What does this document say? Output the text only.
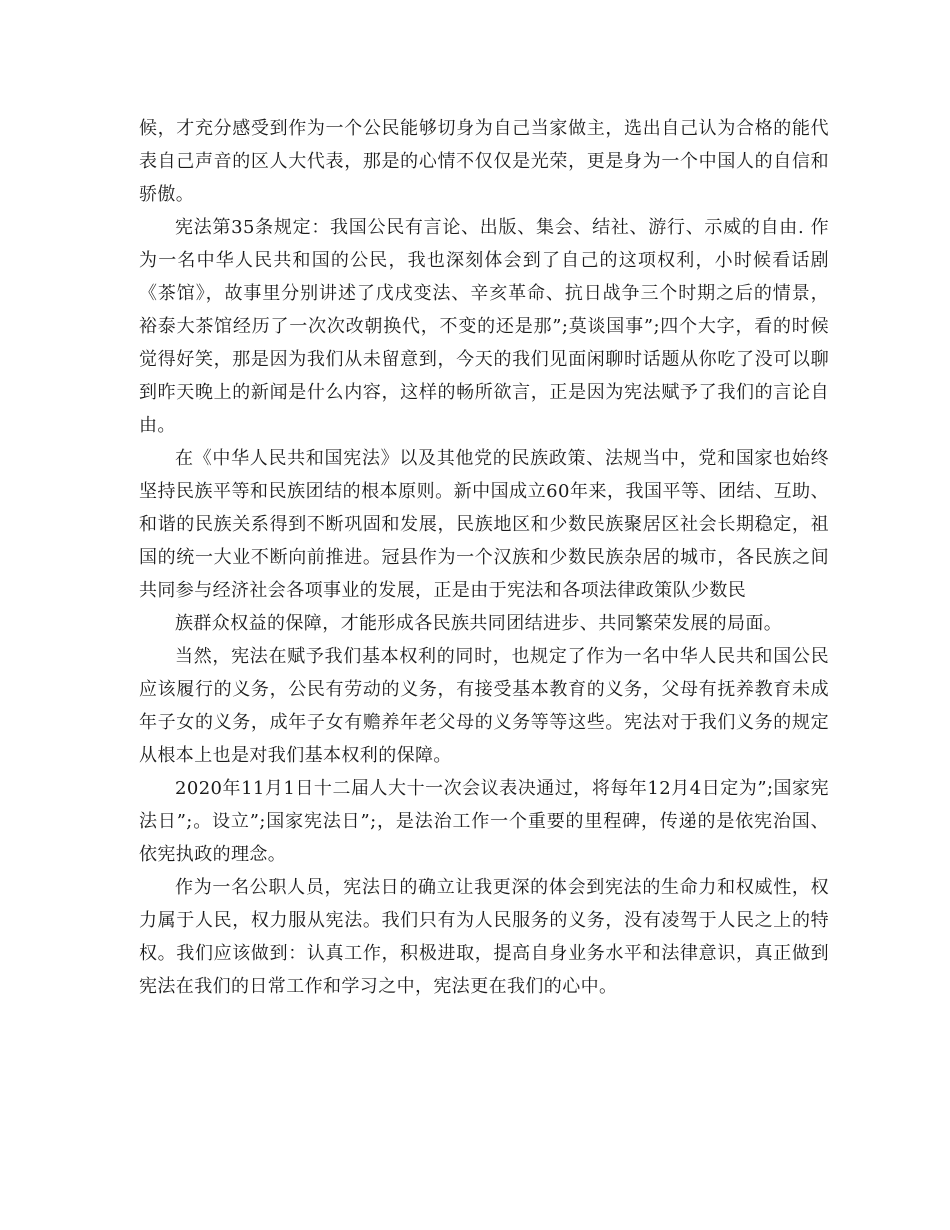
候，才充分感受到作为一个公民能够切身为自己当家做主，选出自己认为合格的能代表自己声音的区人大代表，那是的心情不仅仅是光荣，更是身为一个中国人的自信和骄傲。

宪法第35条规定：我国公民有言论、出版、集会、结社、游行、示威的自由. 作为一名中华人民共和国的公民，我也深刻体会到了自己的这项权利，小时候看话剧 《茶馆》，故事里分别讲述了戊戌变法、辛亥革命、抗日战争三个时期之后的情景，裕泰大茶馆经历了一次次改朝换代，不变的还是那”;莫谈国事”;四个大字，看的时候觉得好笑，那是因为我们从未留意到，今天的我们见面闲聊时话题从你吃了没可以聊到昨天晚上的新闻是什么内容，这样的畅所欲言，正是因为宪法赋予了我们的言论自由。

在《中华人民共和国宪法》以及其他党的民族政策、法规当中，党和国家也始终坚持民族平等和民族团结的根本原则。新中国成立60年来，我国平等、团结、互助、和谐的民族关系得到不断巩固和发展，民族地区和少数民族聚居区社会长期稳定，祖国的统一大业不断向前推进。冠县作为一个汉族和少数民族杂居的城市，各民族之间共同参与经济社会各项事业的发展，正是由于宪法和各项法律政策队少数民

族群众权益的保障，才能形成各民族共同团结进步、共同繁荣发展的局面。

当然，宪法在赋予我们基本权利的同时，也规定了作为一名中华人民共和国公民应该履行的义务，公民有劳动的义务，有接受基本教育的义务，父母有抚养教育未成年子女的义务，成年子女有赡养年老父母的义务等等这些。宪法对于我们义务的规定从根本上也是对我们基本权利的保障。

2020年11月1日十二届人大十一次会议表决通过，将每年12月4日定为”;国家宪法日”;。设立”;国家宪法日”;，是法治工作一个重要的里程碑，传递的是依宪治国、依宪执政的理念。

作为一名公职人员，宪法日的确立让我更深的体会到宪法的生命力和权威性，权力属于人民，权力服从宪法。我们只有为人民服务的义务，没有凌驾于人民之上的特权。我们应该做到：认真工作，积极进取，提高自身业务水平和法律意识，真正做到宪法在我们的日常工作和学习之中，宪法更在我们的心中。
